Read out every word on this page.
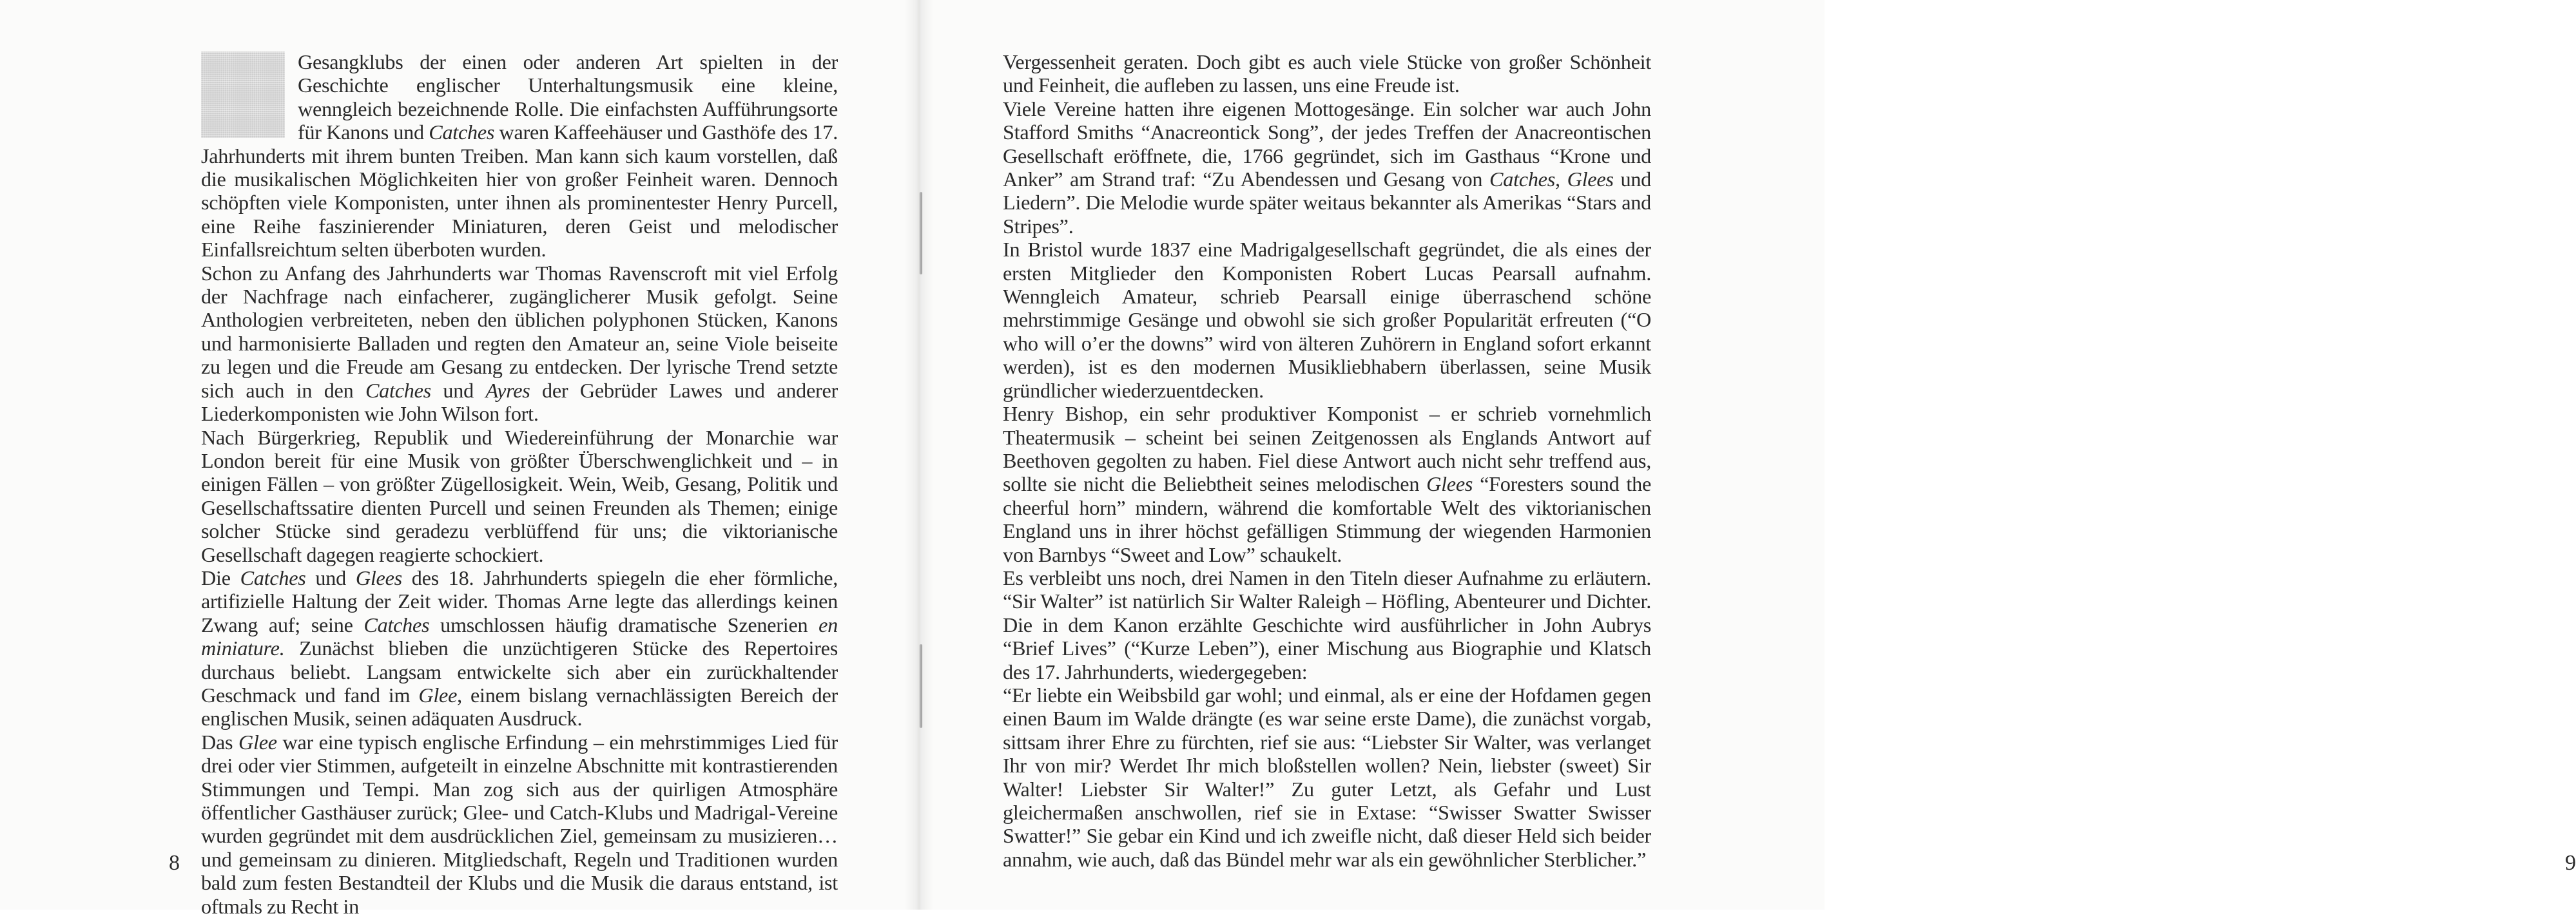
Gesangklubs der einen oder anderen Art spielten in der Geschichte englischer Unterhaltungsmusik eine kleine, wenngleich bezeichnende Rolle. Die einfachsten Aufführungsorte für Kanons und Catches waren Kaffeehäuser und Gasthöfe des 17. Jahrhunderts mit ihrem bunten Treiben. Man kann sich kaum vorstellen, daß die musikalischen Möglichkeiten hier von großer Feinheit waren. Dennoch schöpften viele Komponisten, unter ihnen als prominentester Henry Purcell, eine Reihe faszinierender Miniaturen, deren Geist und melodischer Einfallsreichtum selten überboten wurden.

Schon zu Anfang des Jahrhunderts war Thomas Ravenscroft mit viel Erfolg der Nachfrage nach einfacherer, zugänglicherer Musik gefolgt. Seine Anthologien verbreiteten, neben den üblichen polyphonen Stücken, Kanons und harmonisierte Balladen und regten den Amateur an, seine Viole beiseite zu legen und die Freude am Gesang zu entdecken. Der lyrische Trend setzte sich auch in den Catches und Ayres der Gebrüder Lawes und anderer Liederkomponisten wie John Wilson fort.

Nach Bürgerkrieg, Republik und Wiedereinführung der Monarchie war London bereit für eine Musik von größter Überschwenglichkeit und – in einigen Fällen – von größter Zügellosigkeit. Wein, Weib, Gesang, Politik und Gesellschaftssatire dienten Purcell und seinen Freunden als Themen; einige solcher Stücke sind geradezu verblüffend für uns; die viktorianische Gesellschaft dagegen reagierte schockiert.

Die Catches und Glees des 18. Jahrhunderts spiegeln die eher förmliche, artifizielle Haltung der Zeit wider. Thomas Arne legte das allerdings keinen Zwang auf; seine Catches umschlossen häufig dramatische Szenerien en miniature. Zunächst blieben die unzüchtigeren Stücke des Repertoires durchaus beliebt. Langsam entwickelte sich aber ein zurückhaltender Geschmack und fand im Glee, einem bislang vernachlässigten Bereich der englischen Musik, seinen adäquaten Ausdruck.

Das Glee war eine typisch englische Erfindung – ein mehrstimmiges Lied für drei oder vier Stimmen, aufgeteilt in einzelne Abschnitte mit kontrastierenden Stimmungen und Tempi. Man zog sich aus der quirligen Atmosphäre öffentlicher Gasthäuser zurück; Glee- und Catch-Klubs und Madrigal-Vereine wurden gegründet mit dem ausdrücklichen Ziel, gemeinsam zu musizieren… und gemeinsam zu dinieren. Mitgliedschaft, Regeln und Traditionen wurden bald zum festen Bestandteil der Klubs und die Musik die daraus entstand, ist oftmals zu Recht in

8	9

Vergessenheit geraten. Doch gibt es auch viele Stücke von großer Schönheit und Feinheit, die aufleben zu lassen, uns eine Freude ist.

Viele Vereine hatten ihre eigenen Mottogesänge. Ein solcher war auch John Stafford Smiths “Anacreontick Song”, der jedes Treffen der Anacreontischen Gesellschaft eröffnete, die, 1766 gegründet, sich im Gasthaus “Krone und Anker” am Strand traf: “Zu Abendessen und Gesang von Catches, Glees und Liedern”. Die Melodie wurde später weitaus bekannter als Amerikas “Stars and Stripes”.

In Bristol wurde 1837 eine Madrigalgesellschaft gegründet, die als eines der ersten Mitglieder den Komponisten Robert Lucas Pearsall aufnahm. Wenngleich Amateur, schrieb Pearsall einige überraschend schöne mehrstimmige Gesänge und obwohl sie sich großer Popularität erfreuten (“O who will o’er the downs” wird von älteren Zuhörern in England sofort erkannt werden), ist es den modernen Musikliebhabern überlassen, seine Musik gründlicher wiederzuentdecken.

Henry Bishop, ein sehr produktiver Komponist – er schrieb vornehmlich Theatermusik – scheint bei seinen Zeitgenossen als Englands Antwort auf Beethoven gegolten zu haben. Fiel diese Antwort auch nicht sehr treffend aus, sollte sie nicht die Beliebtheit seines melodischen Glees “Foresters sound the cheerful horn” mindern, während die komfortable Welt des viktorianischen England uns in ihrer höchst gefälligen Stimmung der wiegenden Harmonien von Barnbys “Sweet and Low” schaukelt.

Es verbleibt uns noch, drei Namen in den Titeln dieser Aufnahme zu erläutern. “Sir Walter” ist natürlich Sir Walter Raleigh – Höfling, Abenteurer und Dichter. Die in dem Kanon erzählte Geschichte wird ausführlicher in John Aubrys “Brief Lives” (“Kurze Leben”), einer Mischung aus Biographie und Klatsch des 17. Jahrhunderts, wiedergegeben:

“Er liebte ein Weibsbild gar wohl; und einmal, als er eine der Hofdamen gegen einen Baum im Walde drängte (es war seine erste Dame), die zunächst vorgab, sittsam ihrer Ehre zu fürchten, rief sie aus: “Liebster Sir Walter, was verlanget Ihr von mir? Werdet Ihr mich bloßstellen wollen? Nein, liebster (sweet) Sir Walter! Liebster Sir Walter!” Zu guter Letzt, als Gefahr und Lust gleichermaßen anschwollen, rief sie in Extase: “Swisser Swatter Swisser Swatter!” Sie gebar ein Kind und ich zweifle nicht, daß dieser Held sich beider annahm, wie auch, daß das Bündel mehr war als ein gewöhnlicher Sterblicher.”
